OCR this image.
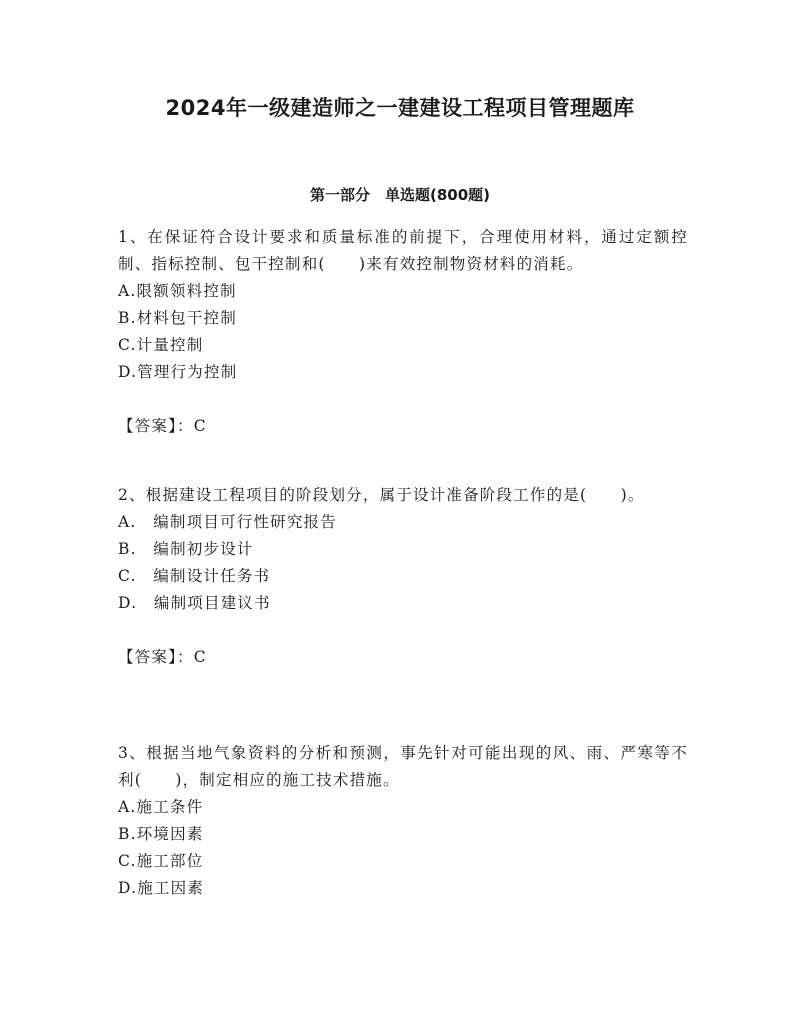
2024年一级建造师之一建建设工程项目管理题库
第一部分　单选题(800题)

1、在保证符合设计要求和质量标准的前提下，合理使用材料，通过定额控制、指标控制、包干控制和(　　)来有效控制物资材料的消耗。

A.限额领料控制

B.材料包干控制

C.计量控制

D.管理行为控制

【答案】：C

2、根据建设工程项目的阶段划分，属于设计准备阶段工作的是(　　)。

A.　编制项目可行性研究报告

B.　编制初步设计

C.　编制设计任务书

D.　编制项目建议书

【答案】：C

3、根据当地气象资料的分析和预测，事先针对可能出现的风、雨、严寒等不利(　　)，制定相应的施工技术措施。

A.施工条件

B.环境因素

C.施工部位

D.施工因素
